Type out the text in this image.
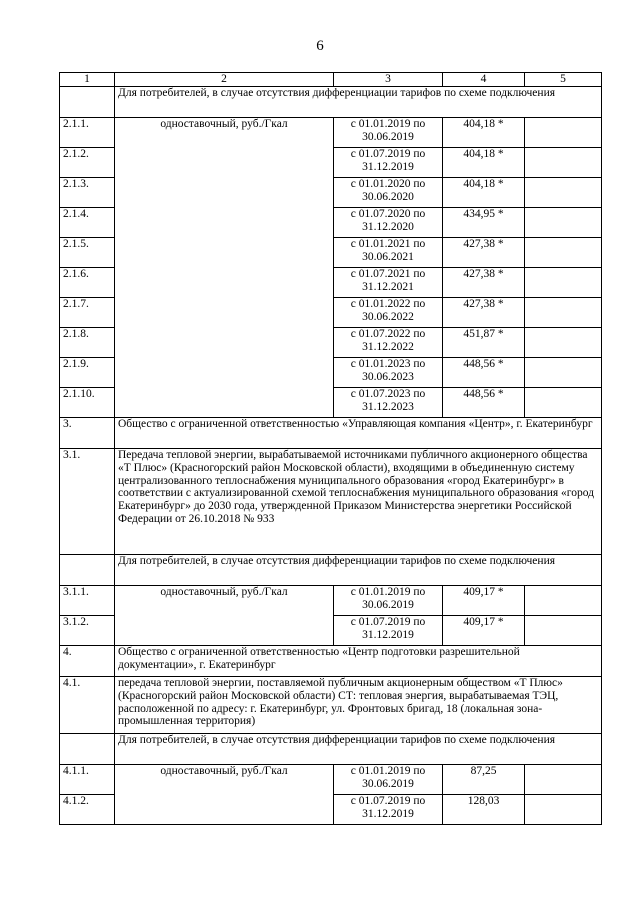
6
1	2	3	4	5
	Для потребителей, в случае отсутствия дифференциации тарифов по схеме подключения			
2.1.1.	одноставочный, руб./Гкал	с 01.01.2019 по 30.06.2019	404,18 *	
2.1.2.		с 01.07.2019 по 31.12.2019	404,18 *	
2.1.3.		с 01.01.2020 по 30.06.2020	404,18 *	
2.1.4.		с 01.07.2020 по 31.12.2020	434,95 *	
2.1.5.		с 01.01.2021 по 30.06.2021	427,38 *	
2.1.6.		с 01.07.2021 по 31.12.2021	427,38 *	
2.1.7.		с 01.01.2022 по 30.06.2022	427,38 *	
2.1.8.		с 01.07.2022 по 31.12.2022	451,87 *	
2.1.9.		с 01.01.2023 по 30.06.2023	448,56 *	
2.1.10.		с 01.07.2023 по 31.12.2023	448,56 *	
3.	Общество с ограниченной ответственностью «Управляющая компания «Центр», г. Екатеринбург			
3.1.	Передача тепловой энергии, вырабатываемой источниками публичного акционерного общества «Т Плюс» (Красногорский район Московской области), входящими в объединенную систему централизованного теплоснабжения муниципального образования «город Екатеринбург» в соответствии с актуализированной схемой теплоснабжения муниципального образования «город Екатеринбург» до 2030 года, утвержденной Приказом Министерства энергетики Российской Федерации от 26.10.2018 № 933			
	Для потребителей, в случае отсутствия дифференциации тарифов по схеме подключения			
3.1.1.	одноставочный, руб./Гкал	с 01.01.2019 по 30.06.2019	409,17 *	
3.1.2.		с 01.07.2019 по 31.12.2019	409,17 *	
4.	Общество с ограниченной ответственностью «Центр подготовки разрешительной документации», г. Екатеринбург			
4.1.	передача тепловой энергии, поставляемой публичным акционерным обществом «Т Плюс» (Красногорский район Московской области) СТ: тепловая энергия, вырабатываемая ТЭЦ, расположенной по адресу: г. Екатеринбург, ул. Фронтовых бригад, 18 (локальная зона-промышленная территория)			
	Для потребителей, в случае отсутствия дифференциации тарифов по схеме подключения			
4.1.1.	одноставочный, руб./Гкал	с 01.01.2019 по 30.06.2019	87,25	
4.1.2.		с 01.07.2019 по 31.12.2019	128,03	
